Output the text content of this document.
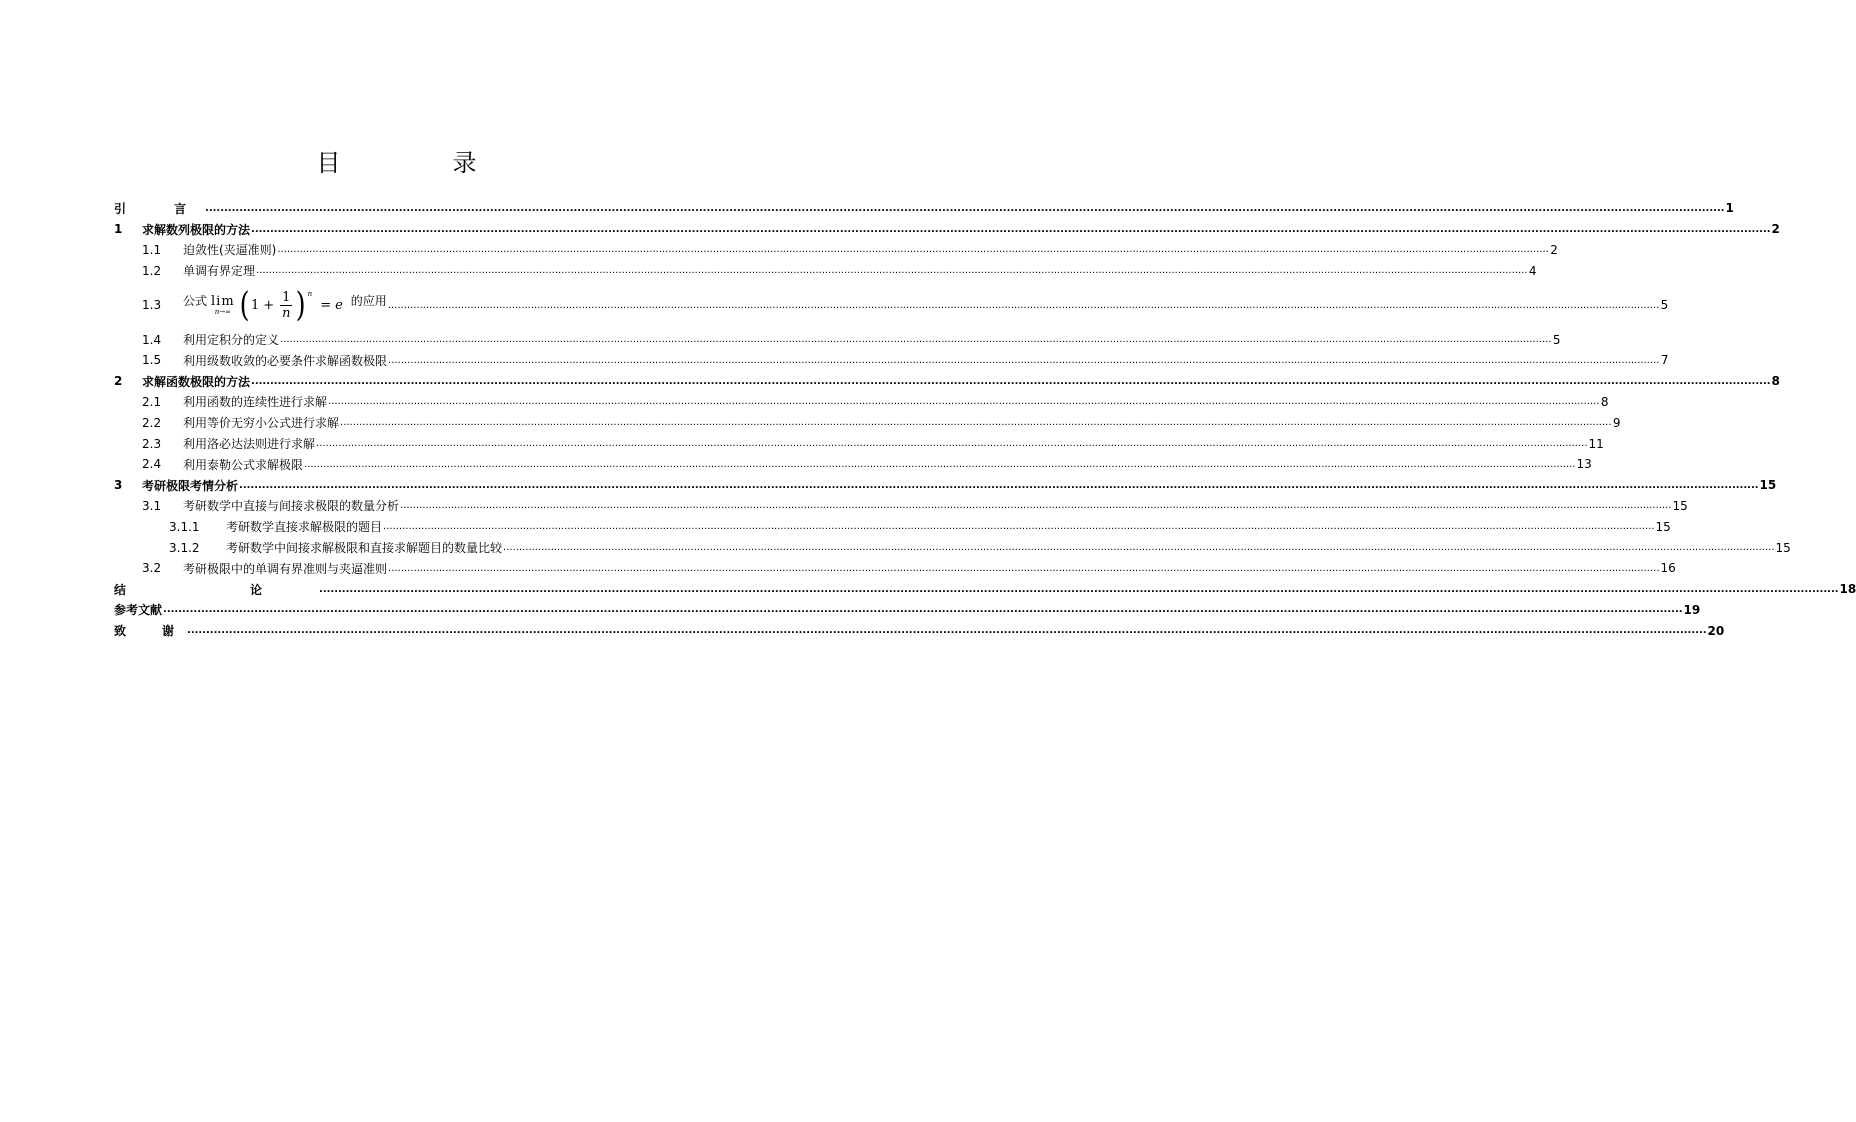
目　录
引　言 ................................................................................................................................................................................................................................................................................................................................................................................................................ 1
1	求解数列极限的方法 ................................................................................................................................................................................................................................................................................................................................................................................................................ 2
1.1	迫敛性(夹逼准则) ................................................................................................................................................................................................................................................................................................................................................................................................................ 2
1.2	单调有界定理 ................................................................................................................................................................................................................................................................................................................................................................................................................ 4
1.3	公式 lim
n→∞ ( $1 + \frac{1}{n}$ ) n
= e 的应用 ................................................................................................................................................................................................................................................................................................................................................................................................................ 5
1.4	利用定积分的定义 ................................................................................................................................................................................................................................................................................................................................................................................................................ 5
1.5	利用级数收敛的必要条件求解函数极限 ................................................................................................................................................................................................................................................................................................................................................................................................................ 7
2	求解函数极限的方法 ................................................................................................................................................................................................................................................................................................................................................................................................................ 8
2.1	利用函数的连续性进行求解 ................................................................................................................................................................................................................................................................................................................................................................................................................ 8
2.2	利用等价无穷小公式进行求解 ................................................................................................................................................................................................................................................................................................................................................................................................................ 9
2.3	利用洛必达法则进行求解 ................................................................................................................................................................................................................................................................................................................................................................................................................ 11
2.4	利用泰勒公式求解极限 ................................................................................................................................................................................................................................................................................................................................................................................................................ 13
3	考研极限考情分析 ................................................................................................................................................................................................................................................................................................................................................................................................................ 15
3.1	考研数学中直接与间接求极限的数量分析 ................................................................................................................................................................................................................................................................................................................................................................................................................ 15
3.1.1	考研数学直接求解极限的题目 ................................................................................................................................................................................................................................................................................................................................................................................................................ 15
3.1.2	考研数学中间接求解极限和直接求解题目的数量比较 ................................................................................................................................................................................................................................................................................................................................................................................................................ 15
3.2	考研极限中的单调有界准则与夹逼准则 ................................................................................................................................................................................................................................................................................................................................................................................................................ 16
结　论 ................................................................................................................................................................................................................................................................................................................................................................................................................ 18
参考文献 ................................................................................................................................................................................................................................................................................................................................................................................................................ 19
致　谢 ................................................................................................................................................................................................................................................................................................................................................................................................................ 20
